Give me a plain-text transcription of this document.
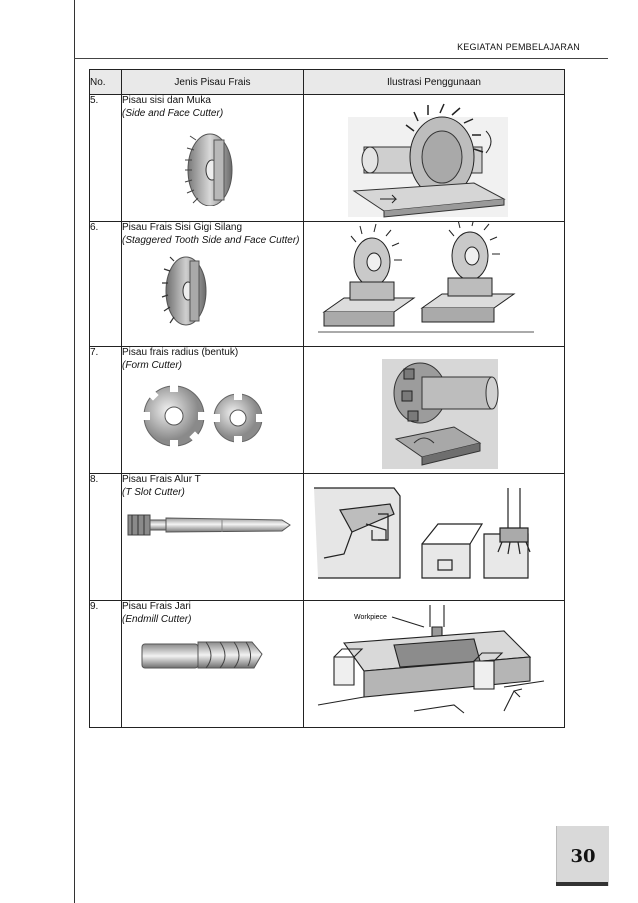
KEGIATAN PEMBELAJARAN
No.	Jenis Pisau Frais	Ilustrasi Penggunaan
5.	Pisau sisi dan Muka
(Side and Face Cutter)

6.	Pisau Frais Sisi Gigi Silang
(Staggered Tooth Side and Face Cutter)

7.	Pisau frais radius (bentuk)
(Form Cutter)

8.	Pisau Frais Alur T
(T Slot Cutter)

9.	Pisau Frais Jari
(Endmill Cutter)	Workpiece
30
